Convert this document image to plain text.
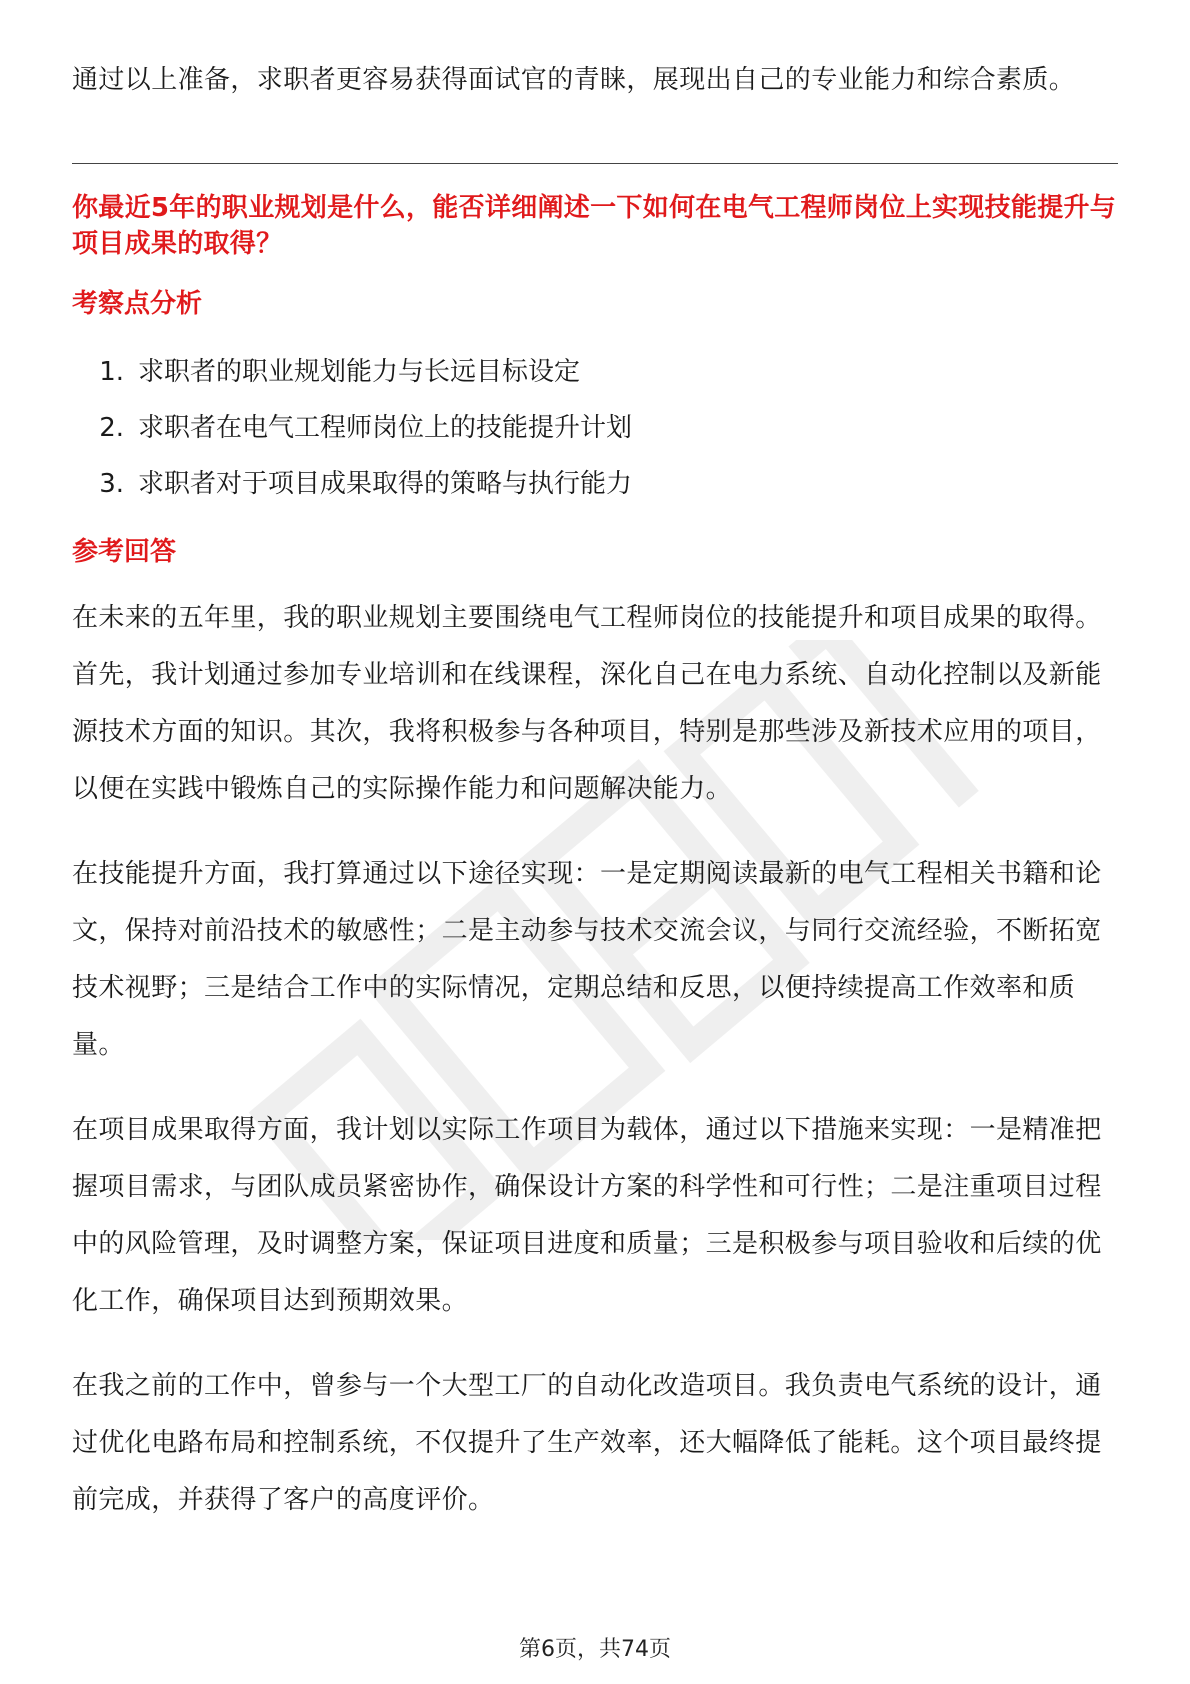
通过以上准备，求职者更容易获得面试官的青睐，展现出自己的专业能力和综合素质。

你最近5年的职业规划是什么，能否详细阐述一下如何在电气工程师岗位上实现技能提升与项目成果的取得？

考察点分析

1. 求职者的职业规划能力与长远目标设定
2. 求职者在电气工程师岗位上的技能提升计划
3. 求职者对于项目成果取得的策略与执行能力

参考回答

在未来的五年里，我的职业规划主要围绕电气工程师岗位的技能提升和项目成果的取得。首先，我计划通过参加专业培训和在线课程，深化自己在电力系统、自动化控制以及新能源技术方面的知识。其次，我将积极参与各种项目，特别是那些涉及新技术应用的项目，以便在实践中锻炼自己的实际操作能力和问题解决能力。

在技能提升方面，我打算通过以下途径实现：一是定期阅读最新的电气工程相关书籍和论文，保持对前沿技术的敏感性；二是主动参与技术交流会议，与同行交流经验，不断拓宽技术视野；三是结合工作中的实际情况，定期总结和反思，以便持续提高工作效率和质量。

在项目成果取得方面，我计划以实际工作项目为载体，通过以下措施来实现：一是精准把握项目需求，与团队成员紧密协作，确保设计方案的科学性和可行性；二是注重项目过程中的风险管理，及时调整方案，保证项目进度和质量；三是积极参与项目验收和后续的优化工作，确保项目达到预期效果。

在我之前的工作中，曾参与一个大型工厂的自动化改造项目。我负责电气系统的设计，通过优化电路布局和控制系统，不仅提升了生产效率，还大幅降低了能耗。这个项目最终提前完成，并获得了客户的高度评价。

第6页，共74页
